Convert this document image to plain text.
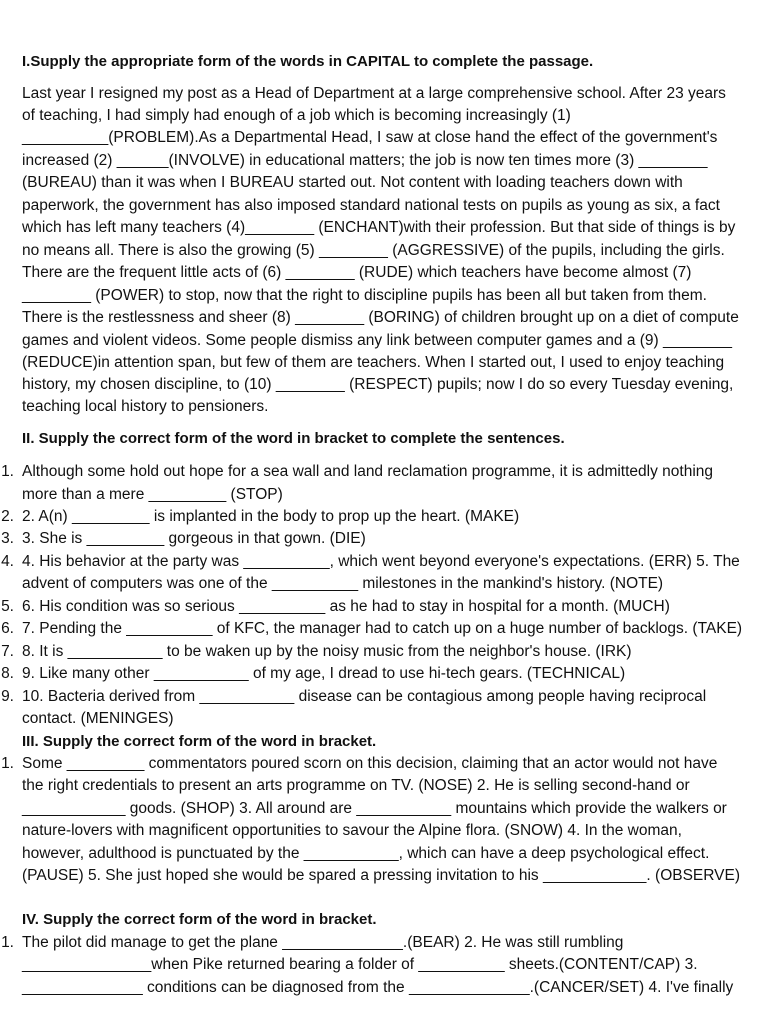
I.Supply the appropriate form of the words in CAPITAL to complete the passage.
Last year I resigned my post as a Head of Department at a large comprehensive school. After 23 years
of teaching, I had simply had enough of a job which is becoming increasingly (1)
__________(PROBLEM).As a Departmental Head, I saw at close hand the effect of the government's
increased (2) ______(INVOLVE) in educational matters; the job is now ten times more (3) ________
(BUREAU) than it was when I BUREAU started out. Not content with loading teachers down with
paperwork, the government has also imposed standard national tests on pupils as young as six, a fact
which has left many teachers (4)________ (ENCHANT)with their profession. But that side of things is by
no means all. There is also the growing (5) ________ (AGGRESSIVE) of the pupils, including the girls.
There are the frequent little acts of (6) ________ (RUDE) which teachers have become almost (7)
________ (POWER) to stop, now that the right to discipline pupils has been all but taken from them.
There is the restlessness and sheer (8) ________ (BORING) of children brought up on a diet of compute
games and violent videos. Some people dismiss any link between computer games and a (9) ________
(REDUCE)in attention span, but few of them are teachers. When I started out, I used to enjoy teaching
history, my chosen discipline, to (10) ________ (RESPECT) pupils; now I do so every Tuesday evening,
teaching local history to pensioners.
II. Supply the correct form of the word in bracket to complete the sentences.
1. Although some hold out hope for a sea wall and land reclamation programme, it is admittedly nothing
more than a mere _________ (STOP)
2. 2. A(n) _________ is implanted in the body to prop up the heart. (MAKE)
3. 3. She is _________ gorgeous in that gown. (DIE)
4. 4. His behavior at the party was __________, which went beyond everyone's expectations. (ERR) 5. The
advent of computers was one of the __________ milestones in the mankind's history. (NOTE)
5. 6. His condition was so serious __________ as he had to stay in hospital for a month. (MUCH)
6. 7. Pending the __________ of KFC, the manager had to catch up on a huge number of backlogs. (TAKE)
7. 8. It is ___________ to be waken up by the noisy music from the neighbor's house. (IRK)
8. 9. Like many other ___________ of my age, I dread to use hi-tech gears. (TECHNICAL)
9. 10. Bacteria derived from ___________ disease can be contagious among people having reciprocal
contact. (MENINGES)
III. Supply the correct form of the word in bracket.
1. Some _________ commentators poured scorn on this decision, claiming that an actor would not have
the right credentials to present an arts programme on TV. (NOSE) 2. He is selling second-hand or
____________ goods. (SHOP) 3. All around are ___________ mountains which provide the walkers or
nature-lovers with magnificent opportunities to savour the Alpine flora. (SNOW) 4. In the woman,
however, adulthood is punctuated by the ___________, which can have a deep psychological effect.
(PAUSE) 5. She just hoped she would be spared a pressing invitation to his ____________. (OBSERVE)
IV. Supply the correct form of the word in bracket.
1. The pilot did manage to get the plane ______________.(BEAR) 2. He was still rumbling
_______________when Pike returned bearing a folder of __________ sheets.(CONTENT/CAP) 3.
______________ conditions can be diagnosed from the ______________.(CANCER/SET) 4. I've finally
